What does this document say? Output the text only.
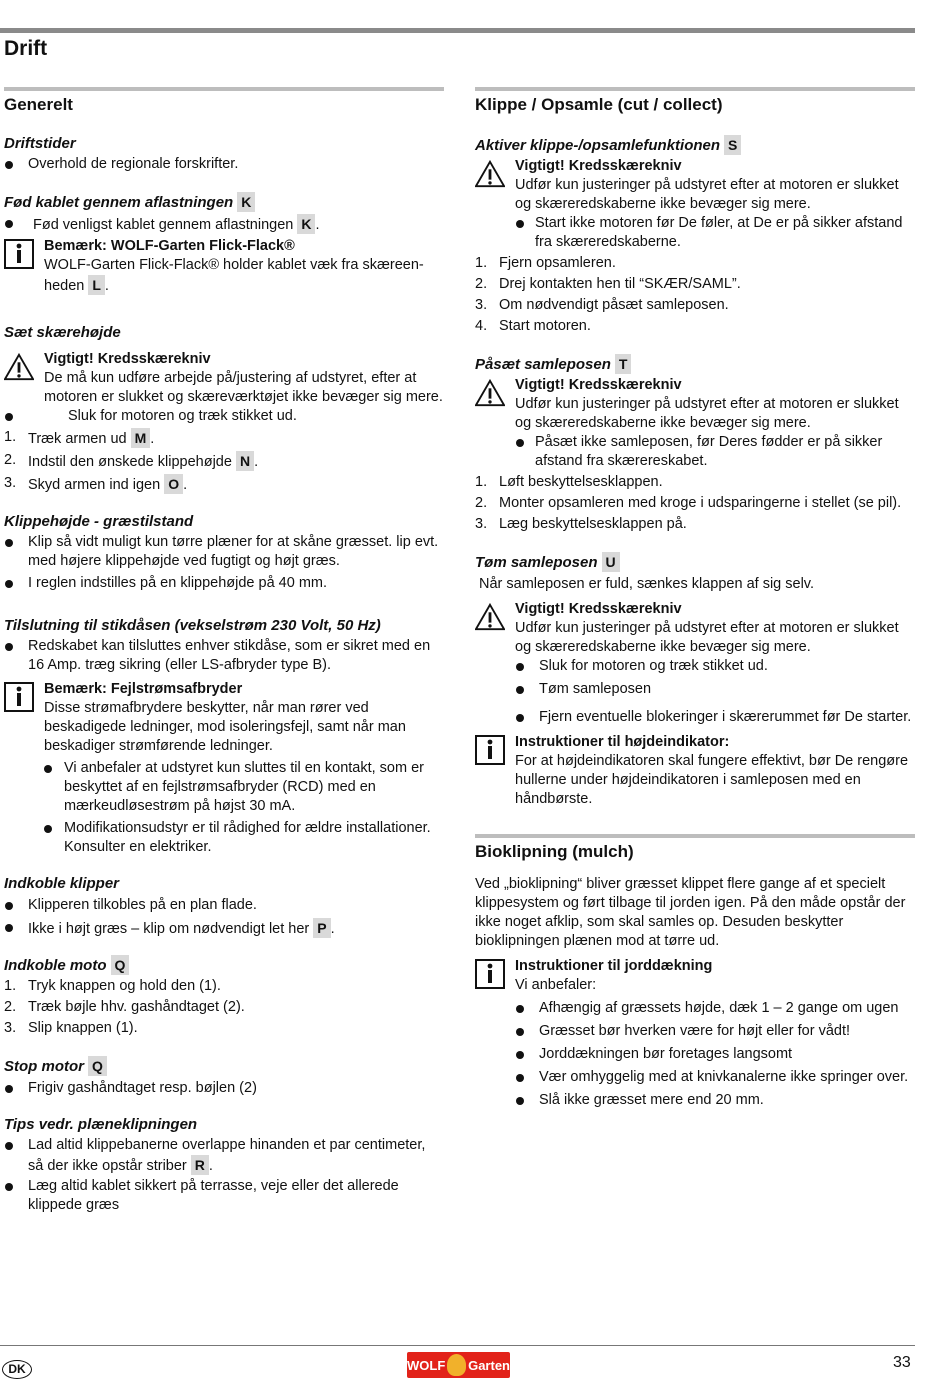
Drift
Generelt
Driftstider
Overhold de regionale forskrifter.
Fød kablet gennem aflastningen K
Fød venligst kablet gennem aflastningen K .
Bemærk: WOLF-Garten Flick-Flack®
WOLF-Garten Flick-Flack® holder kablet væk fra skæreen-
heden L .
Sæt skærehøjde
Vigtigt! Kredsskærekniv
De må kun udføre arbejde på/justering af udstyret, efter at motoren er slukket og skæreværktøjet ikke bevæger sig mere.
Sluk for motoren og træk stikket ud.
1. Træk armen ud M .
2. Indstil den ønskede klippehøjde N .
3. Skyd armen ind igen O .
Klippehøjde - græstilstand
Klip så vidt muligt kun tørre plæner for at skåne græsset. lip evt. med højere klippehøjde ved fugtigt og højt græs.
I reglen indstilles på en klippehøjde på 40 mm.
Tilslutning til stikdåsen (vekselstrøm 230 Volt, 50 Hz)
Redskabet kan tilsluttes enhver stikdåse, som er sikret med en 16 Amp. træg sikring (eller LS-afbryder type B).
Bemærk: Fejlstrømsafbryder
Disse strømafbrydere beskytter, når man rører ved beskadigede ledninger, mod isoleringsfejl, samt når man beskadiger strømførende ledninger.
Vi anbefaler at udstyret kun sluttes til en kontakt, som er beskyttet af en fejlstrømsafbryder (RCD) med en mærkeudløsestrøm på højst 30 mA.
Modifikationsudstyr er til rådighed for ældre installationer. Konsulter en elektriker.
Indkoble klipper
Klipperen tilkobles på en plan flade.
Ikke i højt græs – klip om nødvendigt let her P .
Indkoble moto Q
1. Tryk knappen og hold den (1).
2. Træk bøjle hhv. gashåndtaget (2).
3. Slip knappen (1).
Stop motor Q
Frigiv gashåndtaget resp. bøjlen (2)
Tips vedr. plæneklipningen
Lad altid klippebanerne overlappe hinanden et par centimeter, så der ikke opstår striber R .
Læg altid kablet sikkert på terrasse, veje eller det allerede klippede græs
Klippe / Opsamle (cut / collect)
Aktiver klippe-/opsamlefunktionen S
Vigtigt! Kredsskærekniv
Udfør kun justeringer på udstyret efter at motoren er slukket og skæreredskaberne ikke bevæger sig mere.
Start ikke motoren før De føler, at De er på sikker afstand fra skæreredskaberne.
1. Fjern opsamleren.
2. Drej kontakten hen til “SKÆR/SAML”.
3. Om nødvendigt påsæt samleposen.
4. Start motoren.
Påsæt samleposen T
Vigtigt! Kredsskærekniv
Udfør kun justeringer på udstyret efter at motoren er slukket og skæreredskaberne ikke bevæger sig mere.
Påsæt ikke samleposen, før Deres fødder er på sikker afstand fra skærereskabet.
1. Løft beskyttelsesklappen.
2. Monter opsamleren med kroge i udsparingerne i stellet (se pil).
3. Læg beskyttelsesklappen på.
Tøm samleposen U
Når samleposen er fuld, sænkes klappen af sig selv.
Vigtigt! Kredsskærekniv
Udfør kun justeringer på udstyret efter at motoren er slukket og skæreredskaberne ikke bevæger sig mere.
Sluk for motoren og træk stikket ud.
Tøm samleposen
Fjern eventuelle blokeringer i skærerummet før De starter.
Instruktioner til højdeindikator:
For at højdeindikatoren skal fungere effektivt, bør De rengøre hullerne under højdeindikatoren i samleposen med en håndbørste.
Bioklipning (mulch)
Ved „bioklipning“ bliver græsset klippet flere gange af et specielt klippesystem og ført tilbage til jorden igen. På den måde opstår der ikke noget afklip, som skal samles op. Desuden beskytter bioklipningen plænen mod at tørre ud.
Instruktioner til jorddækning
Vi anbefaler:
Afhængig af græssets højde, dæk 1 – 2 gange om ugen
Græsset bør hverken være for højt eller for vådt!
Jorddækningen bør foretages langsomt
Vær omhyggelig med at knivkanalerne ikke springer over.
Slå ikke græsset mere end 20 mm.
DK	WOLF Garten	33
